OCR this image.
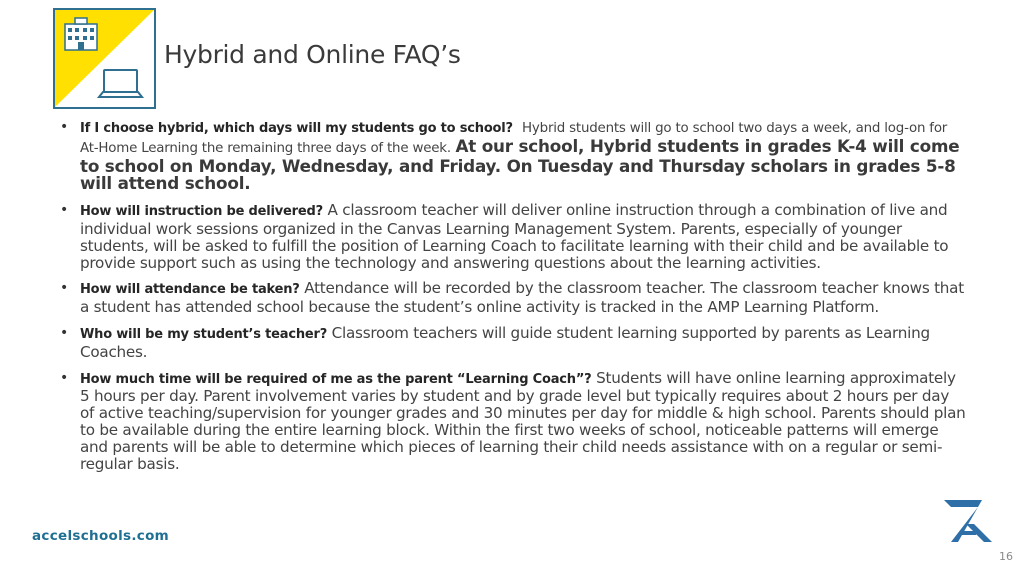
Hybrid and Online FAQ’s
• If I choose hybrid, which days will my students go to school? Hybrid students will go to school two days a week, and log-on for At-Home Learning the remaining three days of the week. At our school, Hybrid students in grades K-4 will come to school on Monday, Wednesday, and Friday. On Tuesday and Thursday scholars in grades 5-8 will attend school.
• How will instruction be delivered? A classroom teacher will deliver online instruction through a combination of live and individual work sessions organized in the Canvas Learning Management System. Parents, especially of younger students, will be asked to fulfill the position of Learning Coach to facilitate learning with their child and be available to provide support such as using the technology and answering questions about the learning activities.
• How will attendance be taken? Attendance will be recorded by the classroom teacher. The classroom teacher knows that a student has attended school because the student’s online activity is tracked in the AMP Learning Platform.
• Who will be my student’s teacher? Classroom teachers will guide student learning supported by parents as Learning Coaches.
• How much time will be required of me as the parent “Learning Coach”? Students will have online learning approximately 5 hours per day. Parent involvement varies by student and by grade level but typically requires about 2 hours per day of active teaching/supervision for younger grades and 30 minutes per day for middle & high school. Parents should plan to be available during the entire learning block. Within the first two weeks of school, noticeable patterns will emerge and parents will be able to determine which pieces of learning their child needs assistance with on a regular or semi-regular basis.
accelschools.com
16
